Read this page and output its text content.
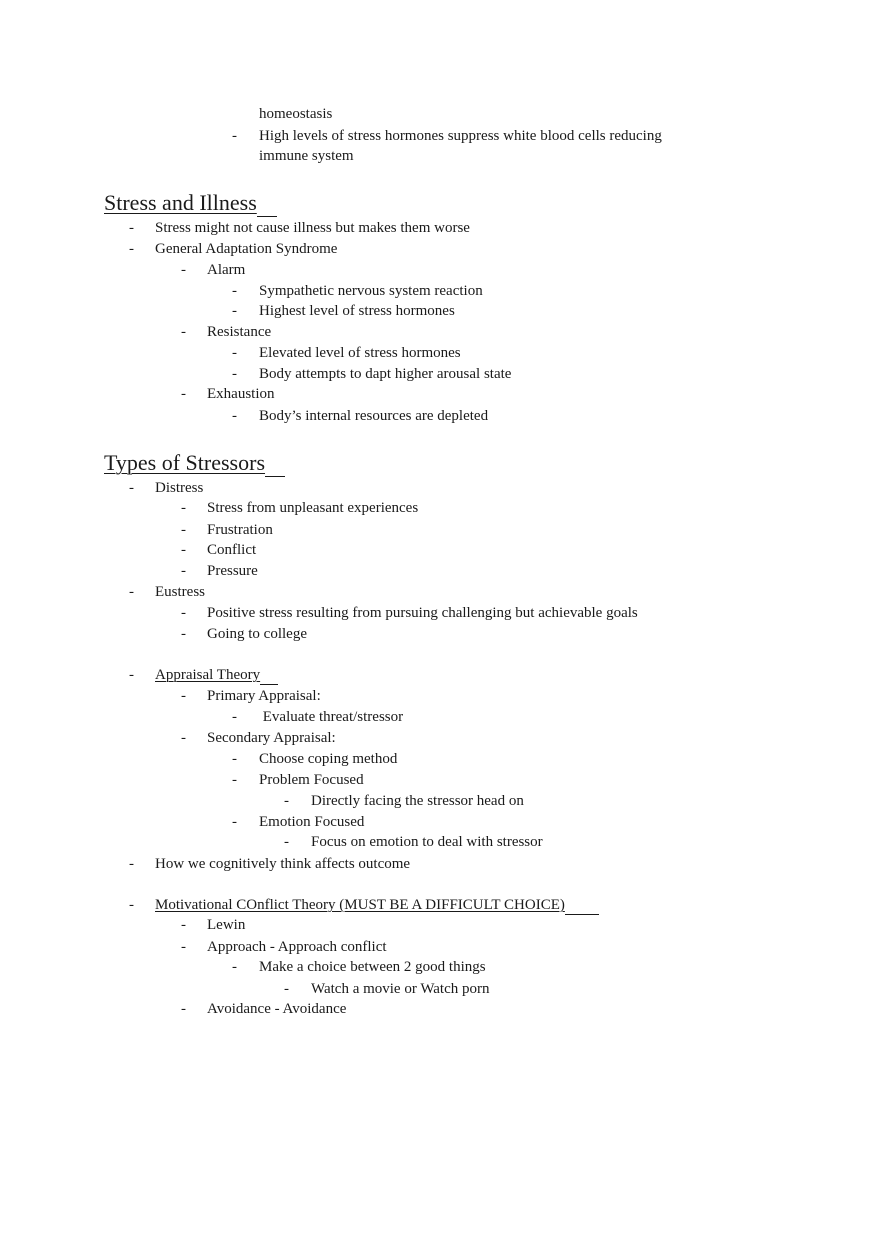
homeostasis
- High levels of stress hormones suppress white blood cells reducing
immune system
Stress and Illness
- Stress might not cause illness but makes them worse
- General Adaptation Syndrome
- Alarm
- Sympathetic nervous system reaction
- Highest level of stress hormones
- Resistance
- Elevated level of stress hormones
- Body attempts to dapt higher arousal state
- Exhaustion
- Body’s internal resources are depleted
Types of Stressors
- Distress
- Stress from unpleasant experiences
- Frustration
- Conflict
- Pressure
- Eustress
- Positive stress resulting from pursuing challenging but achievable goals
- Going to college
- Appraisal Theory
- Primary Appraisal:
- Evaluate threat/stressor
- Secondary Appraisal:
- Choose coping method
- Problem Focused
- Directly facing the stressor head on
- Emotion Focused
- Focus on emotion to deal with stressor
- How we cognitively think affects outcome
- Motivational COnflict Theory (MUST BE A DIFFICULT CHOICE)
- Lewin
- Approach - Approach conflict
- Make a choice between 2 good things
- Watch a movie or Watch porn
- Avoidance - Avoidance
